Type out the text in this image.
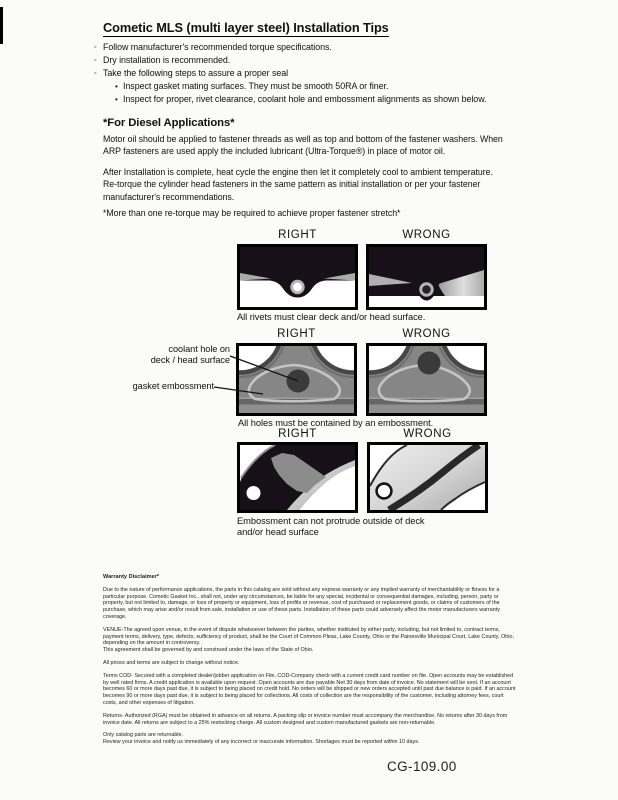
Cometic MLS (multi layer steel) Installation Tips
◦ Follow manufacturer's recommended torque specifications.
◦ Dry installation is recommended.
◦ Take the following steps to assure a proper seal
• Inspect gasket mating surfaces. They must be smooth 50RA or finer.
• Inspect for proper, rivet clearance, coolant hole and embossment alignments as shown below.
*For Diesel Applications*
Motor oil should be applied to fastener threads as well as top and bottom of the fastener washers. When ARP fasteners are used apply the included lubricant (Ultra-Torque®) in place of motor oil.
After Installation is complete, heat cycle the engine then let it completely cool to ambient temperature. Re-torque the cylinder head fasteners in the same pattern as initial installation or per your fastener manufacturer's recommendations.
*More than one re-torque may be required to achieve proper fastener stretch*
RIGHT	WRONG
All rivets must clear deck and/or head surface.
RIGHT	WRONG
coolant hole on
deck / head surface
gasket embossment
All holes must be contained by an embossment.
RIGHT	WRONG
Embossment can not protrude outside of deck
and/or head surface
Warranty Disclaimer*
Due to the nature of performance applications, the parts in this catalog are sold without any express warranty or any implied warranty of merchantability or fitness for a particular purpose. Cometic Gasket Inc., shall not, under any circumstances, be liable for any special, incidental or consequential damages, including, person, party or property, but not limited to, damage, or loss of property or equipment, loss of profits or revenue, cost of purchased or replacement goods, or claims of customers of the purchase, which may arise and/or result from sale, installation or use of these parts. Installation of these parts could adversely affect the motor manufacturers warranty coverage.
VENUE-The agreed upon venue, in the event of dispute whatsoever between the parties, whether instituted by either party, including, but not limited to, contract terms, payment terms, delivery, type, defects, sufficiency of product, shall be the Court of Common Pleas, Lake County, Ohio or the Painesville Municipal Court, Lake County, Ohio, depending on the amount in controversy.
This agreement shall be governed by and construed under the laws of the State of Ohio.
All prices and terms are subject to change without notice.
Terms COD- Secured with a completed dealer/jobber application on File, COD-Company check with a current credit card number on file. Open accounts may be established by well rated firms. A credit application is available upon request. Open accounts are due payable Net 30 days from date of invoice. No statement will be sent. If an account becomes 60 or more days past due, it is subject to being placed on credit hold. No orders will be shipped or new orders accepted until past due balance is paid. If an account becomes 90 or more days past due, it is subject to being placed for collections. All costs of collection are the responsibility of the customer, including attorney fees, court costs, and other expenses of litigation.
Returns- Authorized (RGA) must be obtained in advance on all returns. A packing slip or invoice number must accompany the merchandise. No returns after 30 days from invoice date. All returns are subject to a 25% restocking charge. All custom designed and custom manufactured gaskets are non-returnable.
Only catalog parts are returnable.
Review your invoice and notify us immediately of any incorrect or inaccurate information. Shortages must be reported within 10 days.
CG-109.00
